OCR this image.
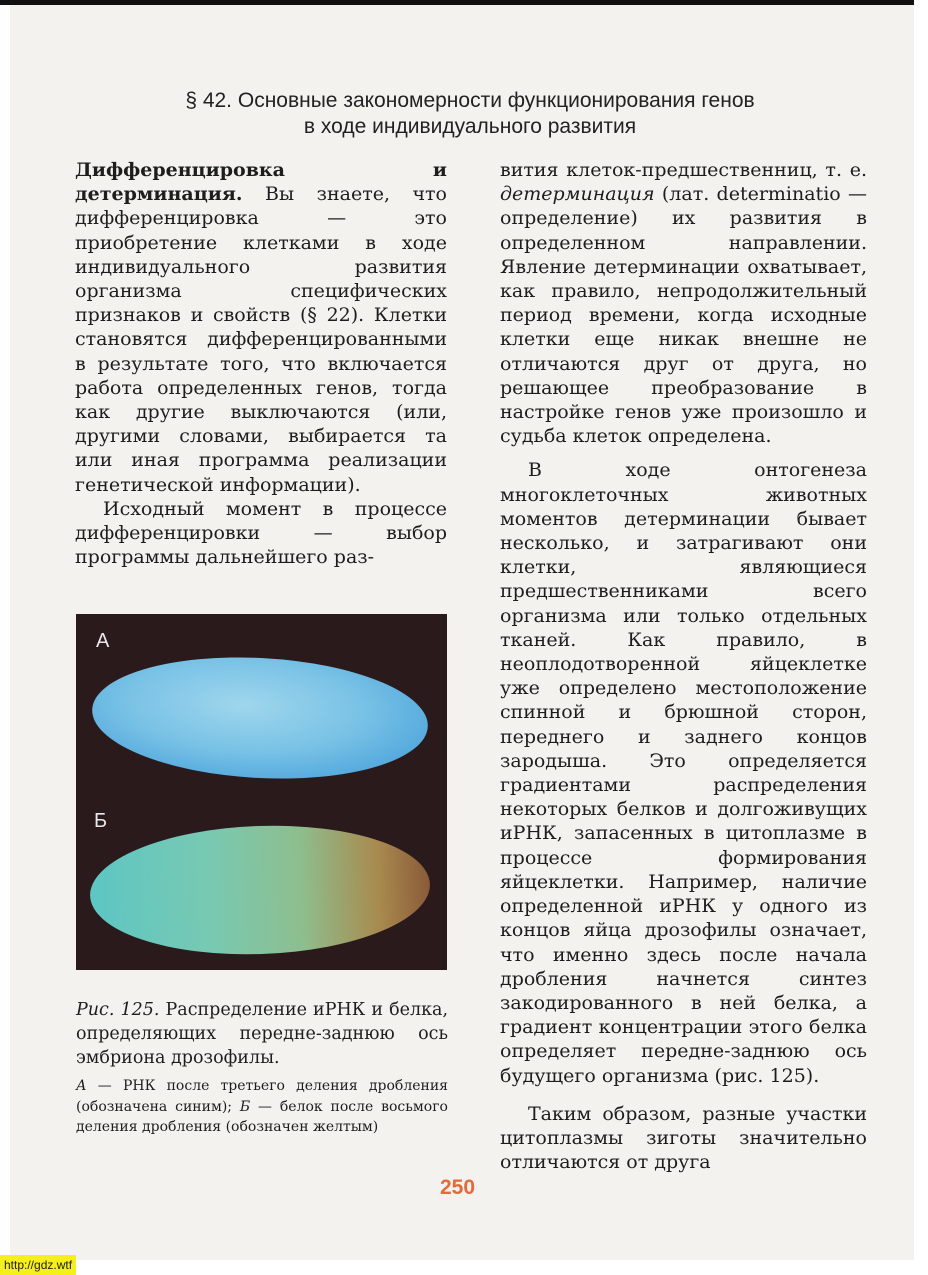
§ 42. Основные закономерности функционирования генов
в ходе индивидуального развития

Дифференцировка и детерминация. Вы знаете, что дифференцировка — это приобретение клетками в ходе индивидуального развития организма специфических признаков и свойств (§ 22). Клетки становятся дифференцированными в результате того, что включается работа определенных генов, тогда как другие выключаются (или, другими словами, выбирается та или иная программа реализации генетической информации).

Исходный момент в процессе дифференцировки — выбор программы дальнейшего раз-

А
Б

Рис. 125. Распределение иРНК и белка, определяющих передне-заднюю ось эмбриона дрозофилы.

А — РНК после третьего деления дробления (обозначена синим); Б — белок после восьмого деления дробления (обозначен желтым)

вития клеток-предшественниц, т. е. детерминация (лат. determinatio — определение) их развития в определенном направлении. Явление детерминации охватывает, как правило, непродолжительный период времени, когда исходные клетки еще никак внешне не отличаются друг от друга, но решающее преобразование в настройке генов уже произошло и судьба клеток определена.

В ходе онтогенеза многоклеточных животных моментов детерминации бывает несколько, и затрагивают они клетки, являющиеся предшественниками всего организма или только отдельных тканей. Как правило, в неоплодотворенной яйцеклетке уже определено местоположение спинной и брюшной сторон, переднего и заднего концов зародыша. Это определяется градиентами распределения некоторых белков и долгоживущих иРНК, запасенных в цитоплазме в процессе формирования яйцеклетки. Например, наличие определенной иРНК у одного из концов яйца дрозофилы означает, что именно здесь после начала дробления начнется синтез закодированного в ней белка, а градиент концентрации этого белка определяет передне-заднюю ось будущего организма (рис. 125).

Таким образом, разные участки цитоплазмы зиготы значительно отличаются от друга

250
http://gdz.wtf
